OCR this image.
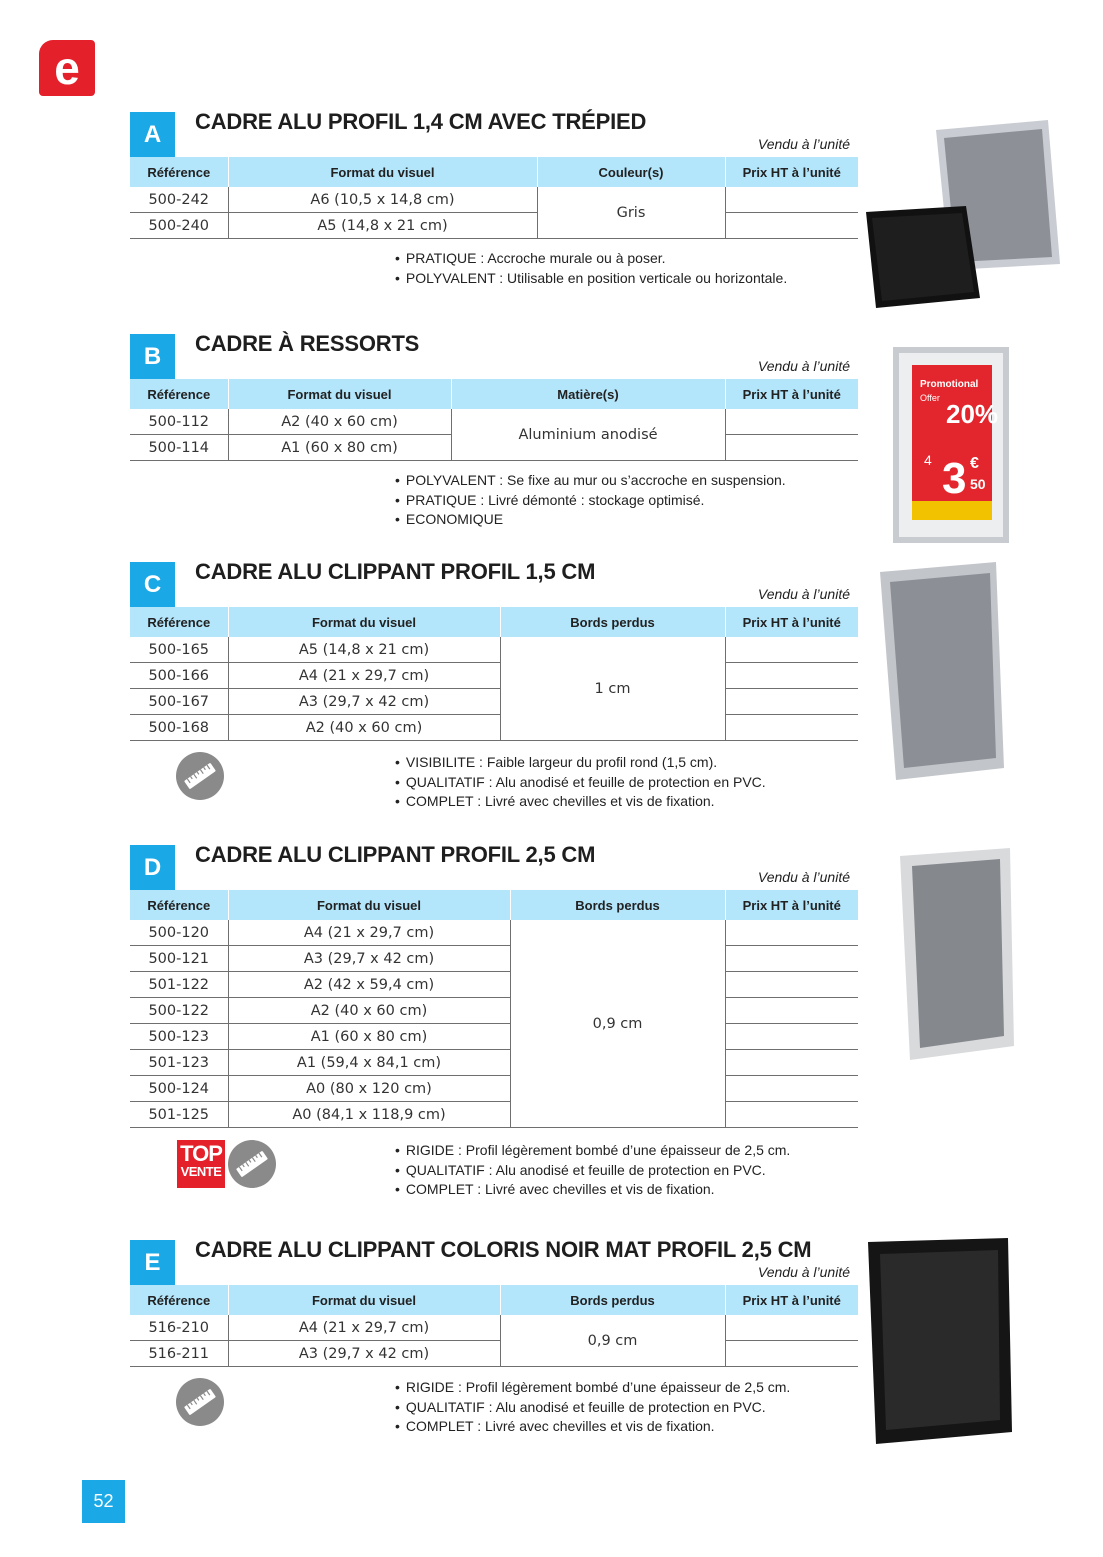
e
A	CADRE ALU PROFIL 1,4 CM AVEC TRÉPIED
Vendu à l’unité
Référence	Format du visuel	Couleur(s)	Prix HT à l’unité
500-242	A6 (10,5 x 14,8 cm)	Gris	
500-240	A5 (14,8 x 21 cm)		
• PRATIQUE : Accroche murale ou à poser.
• POLYVALENT : Utilisable en position verticale ou horizontale.
B	CADRE À RESSORTS
Vendu à l’unité
Référence	Format du visuel	Matière(s)	Prix HT à l’unité
500-112	A2 (40 x 60 cm)	Aluminium anodisé	
500-114	A1 (60 x 80 cm)		
• POLYVALENT : Se fixe au mur ou s’accroche en suspension.
• PRATIQUE : Livré démonté : stockage optimisé.
• ECONOMIQUE
C	CADRE ALU CLIPPANT PROFIL 1,5 CM
Vendu à l’unité
Référence	Format du visuel	Bords perdus	Prix HT à l’unité
500-165	A5 (14,8 x 21 cm)	1 cm	
500-166	A4 (21 x 29,7 cm)		
500-167	A3 (29,7 x 42 cm)		
500-168	A2 (40 x 60 cm)		
• VISIBILITE : Faible largeur du profil rond (1,5 cm).
• QUALITATIF : Alu anodisé et feuille de protection en PVC.
• COMPLET : Livré avec chevilles et vis de fixation.
D	CADRE ALU CLIPPANT PROFIL 2,5 CM
Vendu à l’unité
Référence	Format du visuel	Bords perdus	Prix HT à l’unité
500-120	A4 (21 x 29,7 cm)	0,9 cm	
500-121	A3 (29,7 x 42 cm)		
501-122	A2 (42 x 59,4 cm)		
500-122	A2 (40 x 60 cm)		
500-123	A1 (60 x 80 cm)		
501-123	A1 (59,4 x 84,1 cm)		
500-124	A0 (80 x 120 cm)		
501-125	A0 (84,1 x 118,9 cm)		
• RIGIDE : Profil légèrement bombé d’une épaisseur de 2,5 cm.
• QUALITATIF : Alu anodisé et feuille de protection en PVC.
• COMPLET : Livré avec chevilles et vis de fixation.
E	CADRE ALU CLIPPANT COLORIS NOIR MAT PROFIL 2,5 CM
Vendu à l’unité
Référence	Format du visuel	Bords perdus	Prix HT à l’unité
516-210	A4 (21 x 29,7 cm)	0,9 cm	
516-211	A3 (29,7 x 42 cm)		
• RIGIDE : Profil légèrement bombé d’une épaisseur de 2,5 cm.
• QUALITATIF : Alu anodisé et feuille de protection en PVC.
• COMPLET : Livré avec chevilles et vis de fixation.
TOP
VENTE
Promotional
Offer
20%
4 3 €
50
52
